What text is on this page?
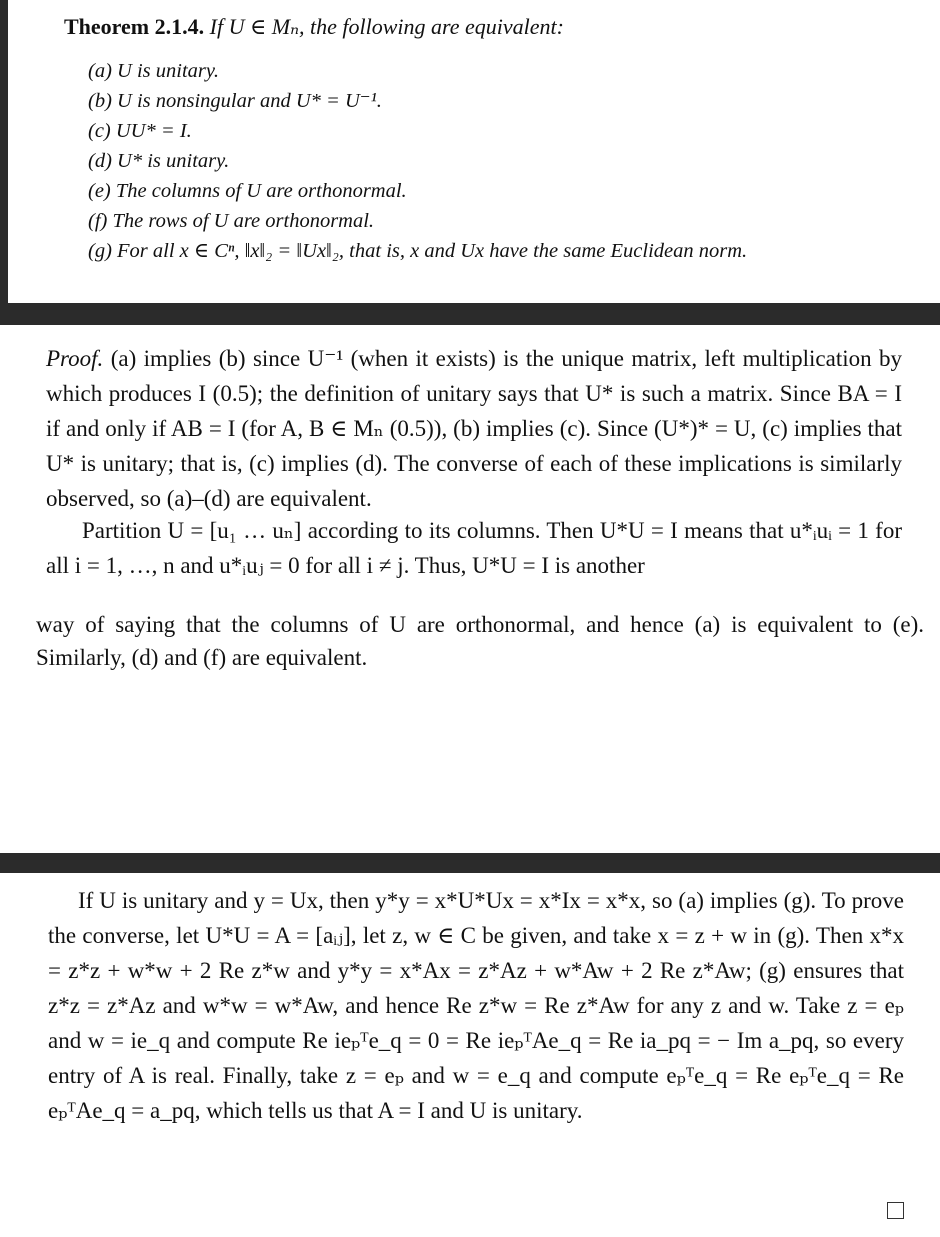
Theorem 2.1.4. If U ∈ Mₙ, the following are equivalent:
(a) U is unitary.
(b) U is nonsingular and U* = U⁻¹.
(c) UU* = I.
(d) U* is unitary.
(e) The columns of U are orthonormal.
(f) The rows of U are orthonormal.
(g) For all x ∈ Cⁿ, ‖x‖₂ = ‖Ux‖₂, that is, x and Ux have the same Euclidean norm.

Proof. (a) implies (b) since U⁻¹ (when it exists) is the unique matrix, left multiplication by which produces I (0.5); the definition of unitary says that U* is such a matrix. Since BA = I if and only if AB = I (for A, B ∈ Mₙ (0.5)), (b) implies (c). Since (U*)* = U, (c) implies that U* is unitary; that is, (c) implies (d). The converse of each of these implications is similarly observed, so (a)–(d) are equivalent.

Partition U = [u₁ … uₙ] according to its columns. Then U*U = I means that u*ᵢuᵢ = 1 for all i = 1, …, n and u*ᵢuⱼ = 0 for all i ≠ j. Thus, U*U = I is another

way of saying that the columns of U are orthonormal, and hence (a) is equivalent to (e). Similarly, (d) and (f) are equivalent.

If U is unitary and y = Ux, then y*y = x*U*Ux = x*Ix = x*x, so (a) implies (g). To prove the converse, let U*U = A = [aᵢⱼ], let z, w ∈ C be given, and take x = z + w in (g). Then x*x = z*z + w*w + 2 Re z*w and y*y = x*Ax = z*Az + w*Aw + 2 Re z*Aw; (g) ensures that z*z = z*Az and w*w = w*Aw, and hence Re z*w = Re z*Aw for any z and w. Take z = eₚ and w = ie_q and compute Re ieₚᵀe_q = 0 = Re ieₚᵀAe_q = Re ia_pq = − Im a_pq, so every entry of A is real. Finally, take z = eₚ and w = e_q and compute eₚᵀe_q = Re eₚᵀe_q = Re eₚᵀAe_q = a_pq, which tells us that A = I and U is unitary.
